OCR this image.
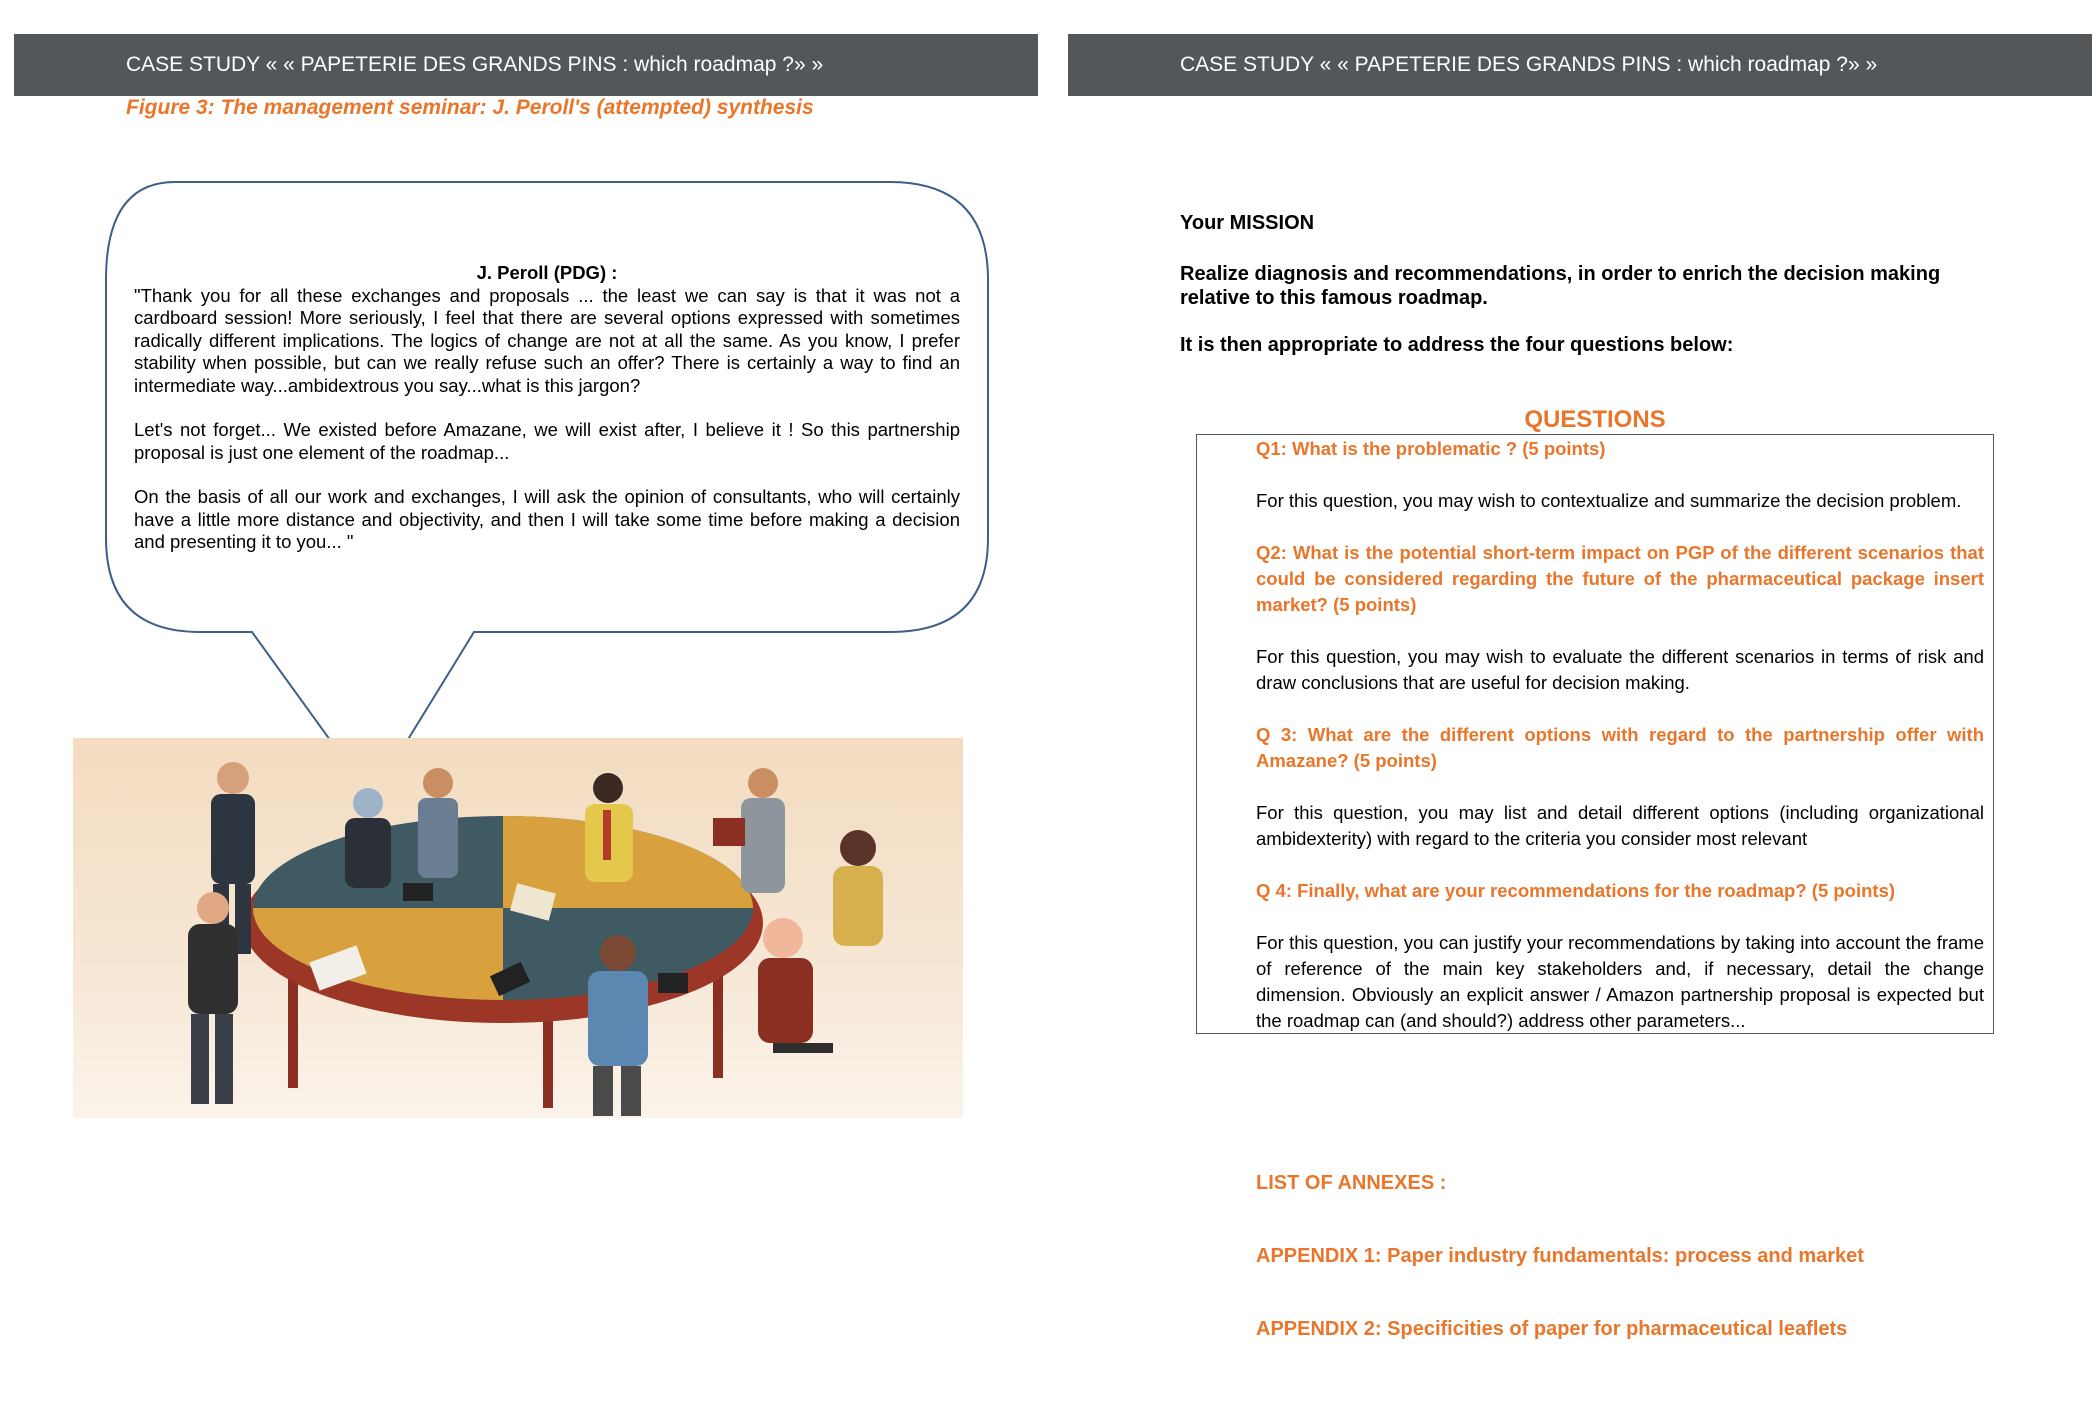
CASE STUDY « « PAPETERIE DES GRANDS PINS : which roadmap ?» »
Figure 3: The management seminar: J. Peroll's (attempted) synthesis
J. Peroll (PDG) :

"Thank you for all these exchanges and proposals ... the least we can say is that it was not a cardboard session! More seriously, I feel that there are several options expressed with sometimes radically different implications. The logics of change are not at all the same. As you know, I prefer stability when possible, but can we really refuse such an offer? There is certainly a way to find an intermediate way...ambidextrous you say...what is this jargon?

Let's not forget... We existed before Amazane, we will exist after, I believe it ! So this partnership proposal is just one element of the roadmap...

On the basis of all our work and exchanges, I will ask the opinion of consultants, who will certainly have a little more distance and objectivity, and then I will take some time before making a decision and presenting it to you... "

CASE STUDY « « PAPETERIE DES GRANDS PINS : which roadmap ?» »
Your MISSION
Realize diagnosis and recommendations, in order to enrich the decision making relative to this famous roadmap.
It is then appropriate to address the four questions below:
QUESTIONS

Q1: What is the problematic ? (5 points)

For this question, you may wish to contextualize and summarize the decision problem.

Q2: What is the potential short-term impact on PGP of the different scenarios that could be considered regarding the future of the pharmaceutical package insert market? (5 points)

For this question, you may wish to evaluate the different scenarios in terms of risk and draw conclusions that are useful for decision making.

Q 3: What are the different options with regard to the partnership offer with Amazane? (5 points)

For this question, you may list and detail different options (including organizational ambidexterity) with regard to the criteria you consider most relevant

Q 4: Finally, what are your recommendations for the roadmap? (5 points)

For this question, you can justify your recommendations by taking into account the frame of reference of the main key stakeholders and, if necessary, detail the change dimension. Obviously an explicit answer / Amazon partnership proposal is expected but the roadmap can (and should?) address other parameters...

LIST OF ANNEXES :
APPENDIX 1: Paper industry fundamentals: process and market
APPENDIX 2: Specificities of paper for pharmaceutical leaflets
